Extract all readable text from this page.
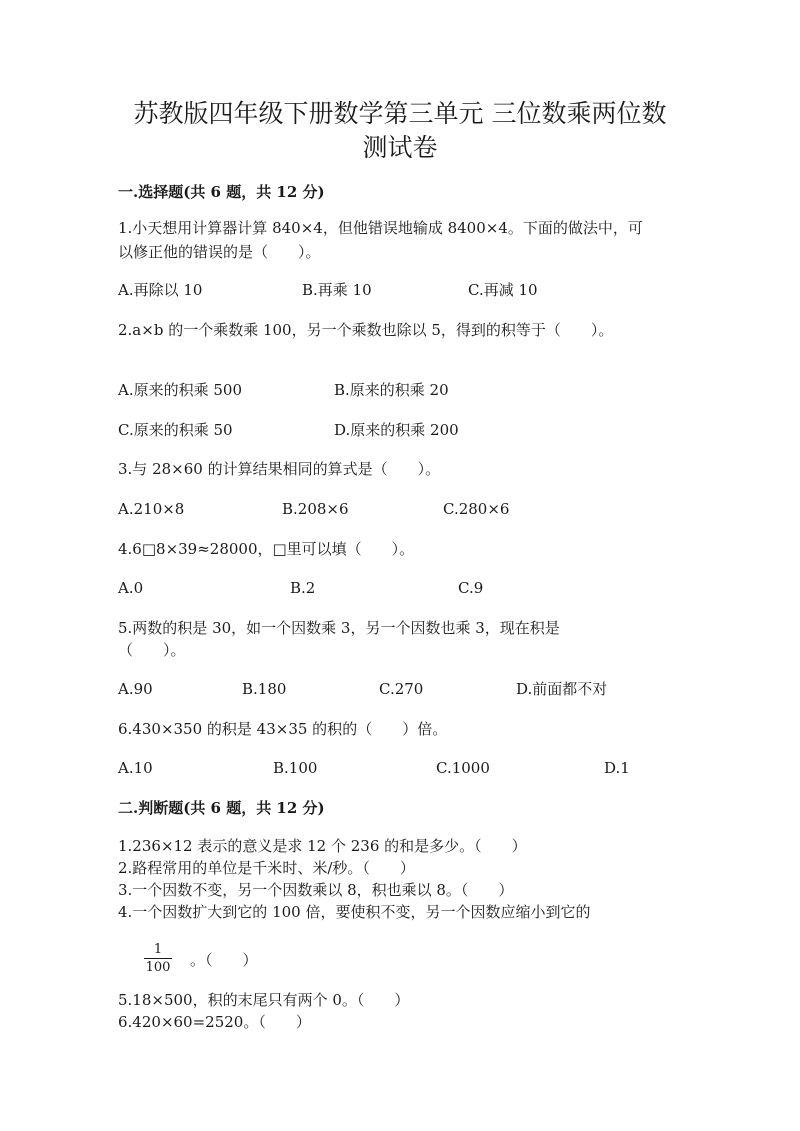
苏教版四年级下册数学第三单元 三位数乘两位数
测试卷
一.选择题(共 6 题，共 12 分)
1.小天想用计算器计算 840×4，但他错误地输成 8400×4。下面的做法中，可
以修正他的错误的是（　　）。
A.再除以 10	B.再乘 10	C.再减 10
2.a×b 的一个乘数乘 100，另一个乘数也除以 5，得到的积等于（　　）。
A.原来的积乘 500	B.原来的积乘 20
C.原来的积乘 50	D.原来的积乘 200
3.与 28×60 的计算结果相同的算式是（　　）。
A.210×8	B.208×6	C.280×6
4.6□8×39≈28000，□里可以填（　　）。
A.0	B.2	C.9
5.两数的积是 30，如一个因数乘 3，另一个因数也乘 3，现在积是
（　　）。
A.90	B.180	C.270	D.前面都不对
6.430×350 的积是 43×35 的积的（　　）倍。
A.10	B.100	C.1000	D.1
二.判断题(共 6 题，共 12 分)
1.236×12 表示的意义是求 12 个 236 的和是多少。（　　）
2.路程常用的单位是千米时、米/秒。（　　）
3.一个因数不变，另一个因数乘以 8，积也乘以 8。（　　）
4.一个因数扩大到它的 100 倍，要使积不变，另一个因数应缩小到它的
1
100 。（　　）
5.18×500，积的末尾只有两个 0。（　　）
6.420×60=2520。（　　）
